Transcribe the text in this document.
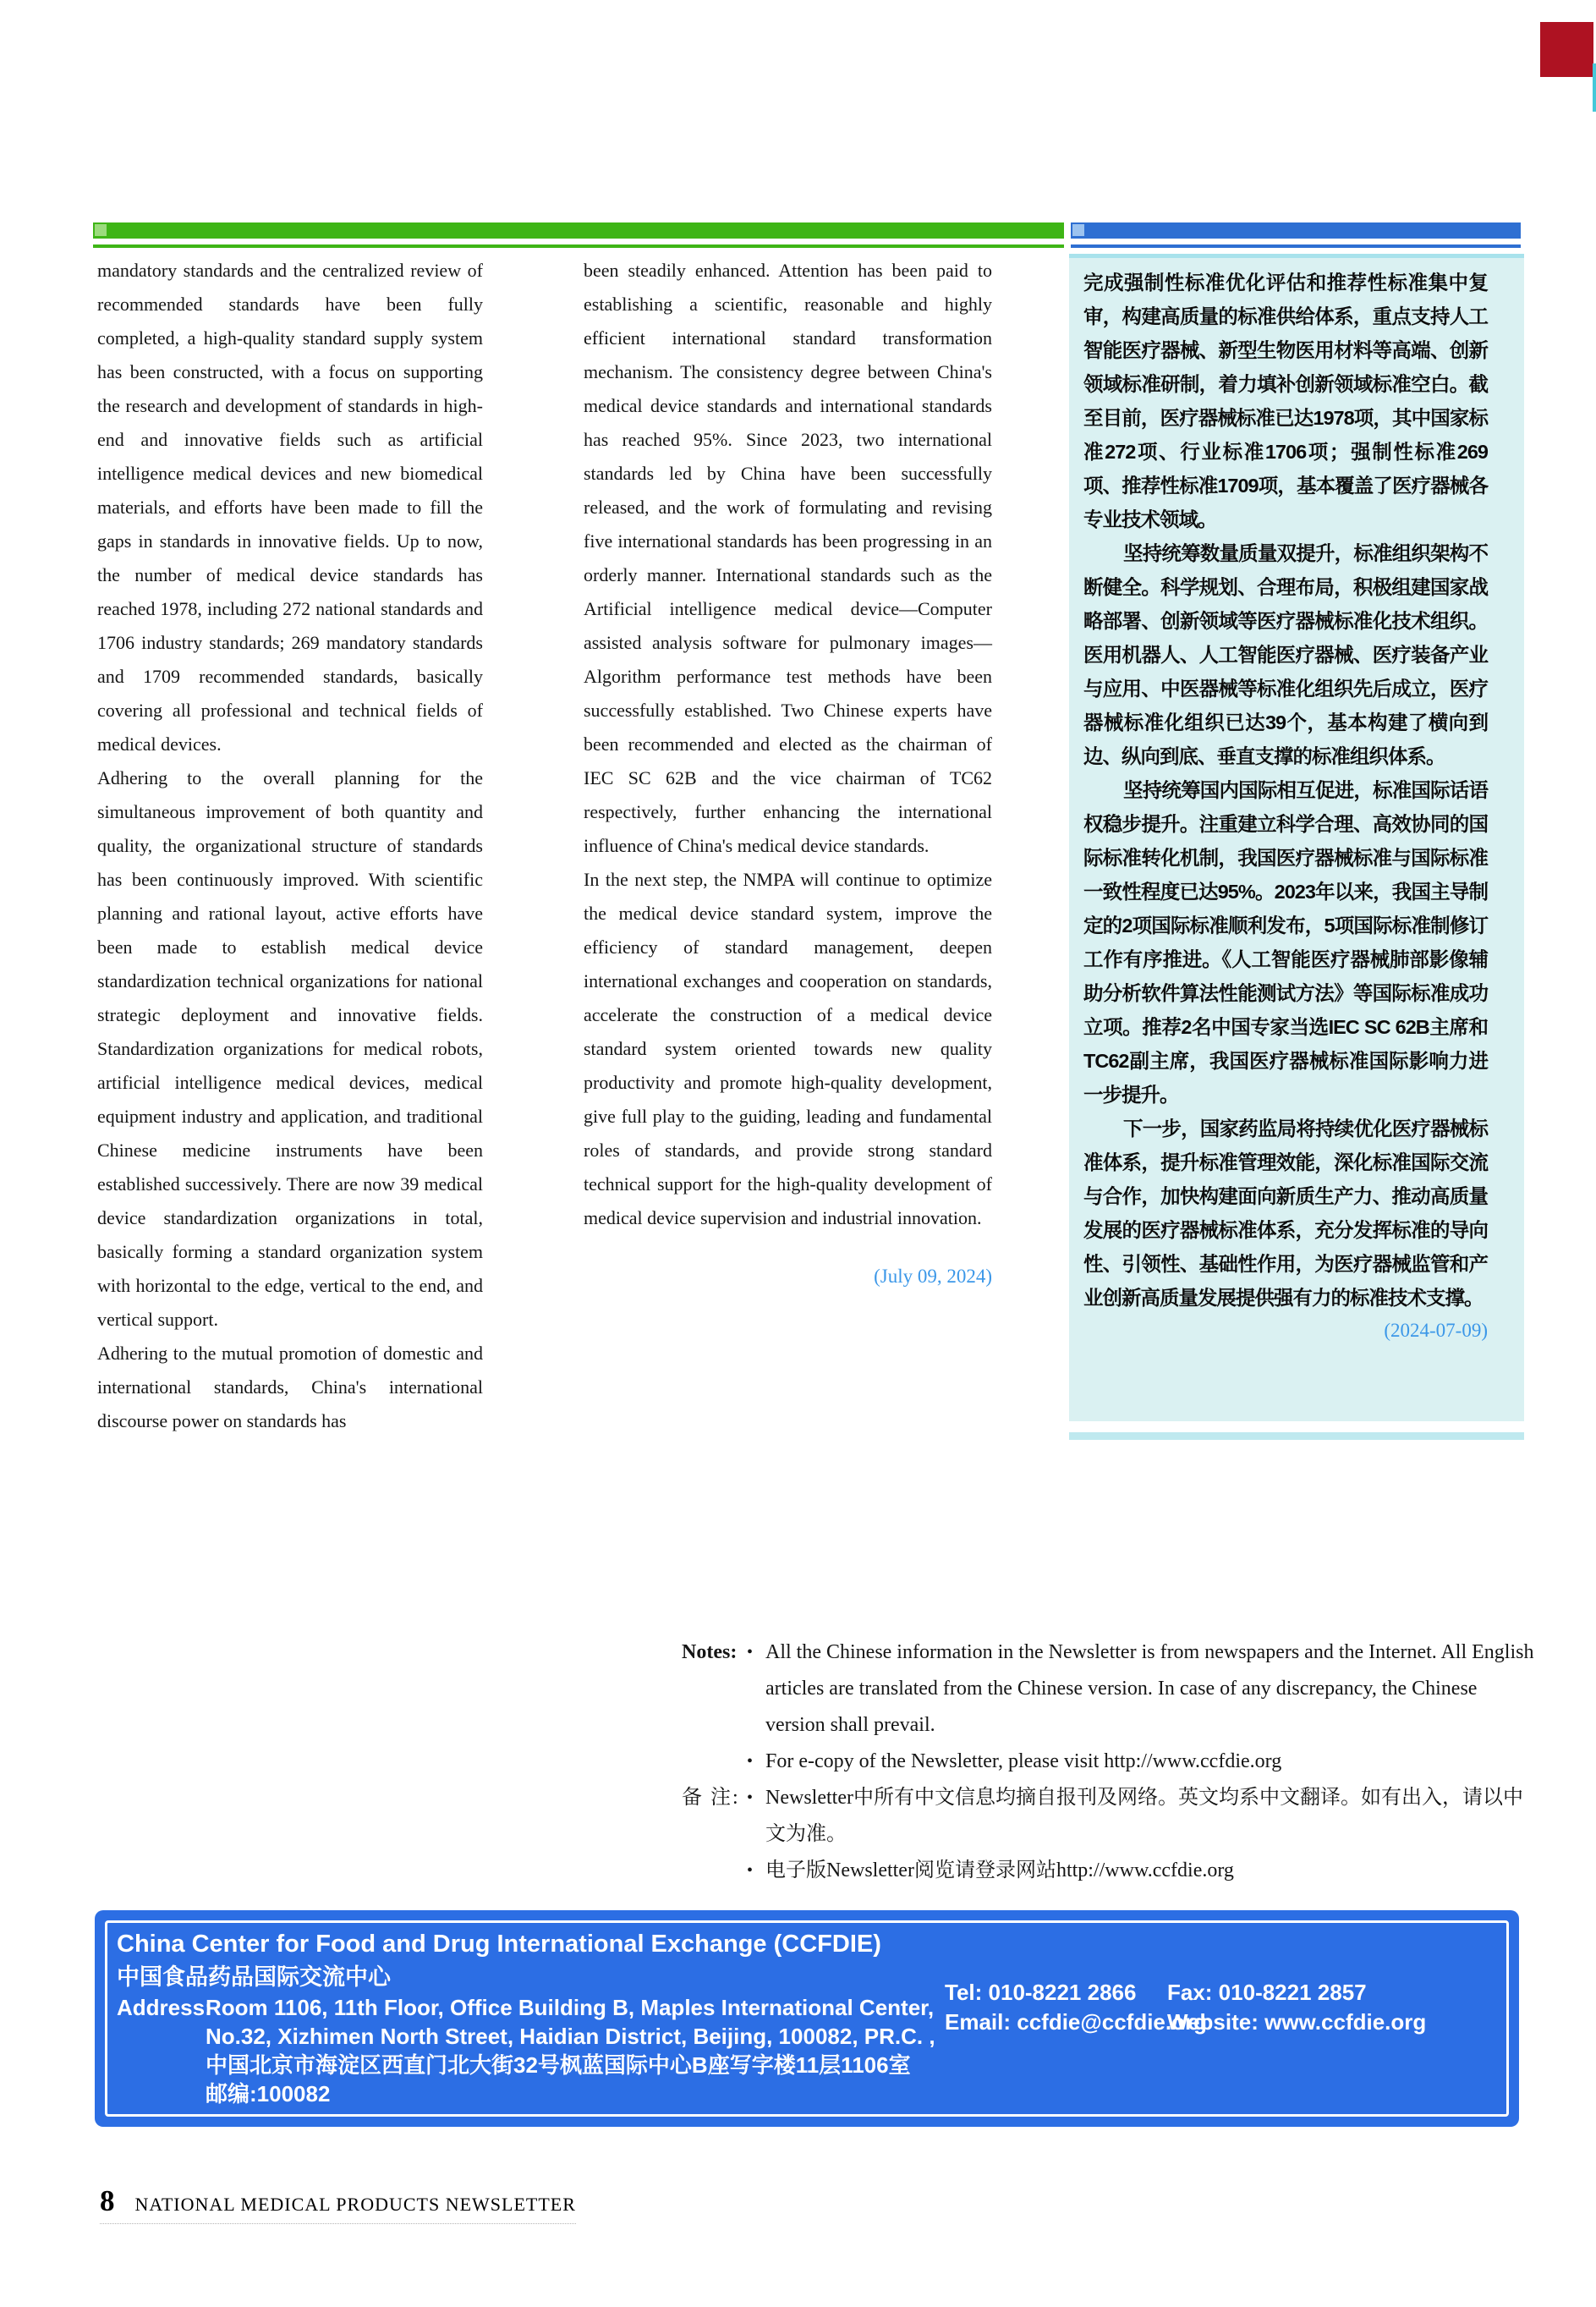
mandatory standards and the centralized review of recommended standards have been fully completed, a high-quality standard supply system has been constructed, with a focus on supporting the research and development of standards in high-end and innovative fields such as artificial intelligence medical devices and new biomedical materials, and efforts have been made to fill the gaps in standards in innovative fields. Up to now, the number of medical device standards has reached 1978, including 272 national standards and 1706 industry standards; 269 mandatory standards and 1709 recommended standards, basically covering all professional and technical fields of medical devices.

Adhering to the overall planning for the simultaneous improvement of both quantity and quality, the organizational structure of standards has been continuously improved. With scientific planning and rational layout, active efforts have been made to establish medical device standardization technical organizations for national strategic deployment and innovative fields. Standardization organizations for medical robots, artificial intelligence medical devices, medical equipment industry and application, and traditional Chinese medicine instruments have been established successively. There are now 39 medical device standardization organizations in total, basically forming a standard organization system with horizontal to the edge, vertical to the end, and vertical support.

Adhering to the mutual promotion of domestic and international standards, China's international discourse power on standards has

been steadily enhanced. Attention has been paid to establishing a scientific, reasonable and highly efficient international standard transformation mechanism. The consistency degree between China's medical device standards and international standards has reached 95%. Since 2023, two international standards led by China have been successfully released, and the work of formulating and revising five international standards has been progressing in an orderly manner. International standards such as the Artificial intelligence medical device—Computer assisted analysis software for pulmonary images—Algorithm performance test methods have been successfully established. Two Chinese experts have been recommended and elected as the chairman of IEC SC 62B and the vice chairman of TC62 respectively, further enhancing the international influence of China's medical device standards.

In the next step, the NMPA will continue to optimize the medical device standard system, improve the efficiency of standard management, deepen international exchanges and cooperation on standards, accelerate the construction of a medical device standard system oriented towards new quality productivity and promote high-quality development, give full play to the guiding, leading and fundamental roles of standards, and provide strong standard technical support for the high-quality development of medical device supervision and industrial innovation.

(July 09, 2024)

完成强制性标准优化评估和推荐性标准集中复审，构建高质量的标准供给体系，重点支持人工智能医疗器械、新型生物医用材料等高端、创新领域标准研制，着力填补创新领域标准空白。截至目前，医疗器械标准已达1978项，其中国家标准272项、行业标准1706项；强制性标准269项、推荐性标准1709项，基本覆盖了医疗器械各专业技术领域。

坚持统筹数量质量双提升，标准组织架构不断健全。科学规划、合理布局，积极组建国家战略部署、创新领域等医疗器械标准化技术组织。医用机器人、人工智能医疗器械、医疗装备产业与应用、中医器械等标准化组织先后成立，医疗器械标准化组织已达39个，基本构建了横向到边、纵向到底、垂直支撑的标准组织体系。

坚持统筹国内国际相互促进，标准国际话语权稳步提升。注重建立科学合理、高效协同的国际标准转化机制，我国医疗器械标准与国际标准一致性程度已达95%。2023年以来，我国主导制定的2项国际标准顺利发布，5项国际标准制修订工作有序推进。《人工智能医疗器械肺部影像辅助分析软件算法性能测试方法》等国际标准成功立项。推荐2名中国专家当选IEC SC 62B主席和TC62副主席，我国医疗器械标准国际影响力进一步提升。

下一步，国家药监局将持续优化医疗器械标准体系，提升标准管理效能，深化标准国际交流与合作，加快构建面向新质生产力、推动高质量发展的医疗器械标准体系，充分发挥标准的导向性、引领性、基础性作用，为医疗器械监管和产业创新高质量发展提供强有力的标准技术支撑。

(2024-07-09)
Notes: • All the Chinese information in the Newsletter is from newspapers and the Internet. All English articles are translated from the Chinese version. In case of any discrepancy, the Chinese version shall prevail.
• For e-copy of the Newsletter, please visit http://www.ccfdie.org
备 注: • Newsletter中所有中文信息均摘自报刊及网络。英文均系中文翻译。如有出入，请以中文为准。
• 电子版Newsletter阅览请登录网站http://www.ccfdie.org
China Center for Food and Drug International Exchange (CCFDIE)
中国食品药品国际交流中心
Address:
Room 1106, 11th Floor, Office Building B, Maples International Center,
No.32, Xizhimen North Street, Haidian District, Beijing, 100082, PR.C. ,
中国北京市海淀区西直门北大街32号枫蓝国际中心B座写字楼11层1106室
邮编:100082
Tel: 010-8221 2866
Email: ccfdie@ccfdie.org
Fax: 010-8221 2857
Website: www.ccfdie.org
8 NATIONAL MEDICAL PRODUCTS NEWSLETTER
